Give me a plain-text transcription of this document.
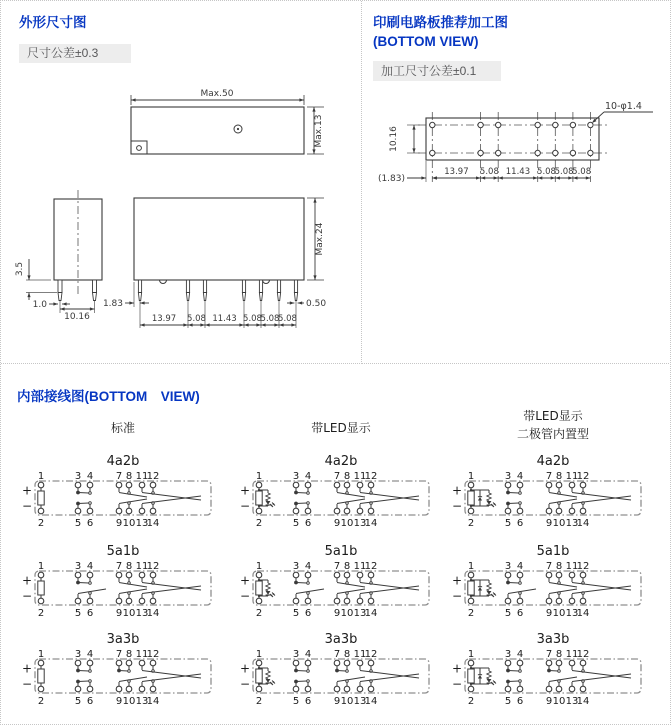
外形尺寸图
尺寸公差±0.3
Max.50
Max.13
Max.24
1.83	0.50
13.97 5.08 11.43 5.08
5.08
5.08
3.5
1.0
10.16
印刷电路板推荐加工图
(BOTTOM VIEW)
加工尺寸公差±0.1
10.16
(1.83)
13.97 5.08 11.43 5.08
5.08
5.08
10-φ1.4
内部接线图(BOTTOM　VIEW)
标准	带LED显示
带LED显示
二极管内置型
4a2b
1	3 4 7 8 11
12
2	5 6 9 10 13
14
+
−
4a2b
1	3 4 7 8 11
12
2	5 6 9 10 13
14
+
−
4a2b
1	3 4 7 8 11
12
2	5 6 9 10 13
14
+
−
5a1b
1	3 4 7 8 11
12
2	5 6 9 10 13
14
+
−
5a1b
1	3 4 7 8 11
12
2	5 6 9 10 13
14
+
−
5a1b
1	3 4 7 8 11
12
2	5 6 9 10 13
14
+
−
3a3b
1	3 4 7 8 11
12
2	5 6 9 10 13
14
+
−
3a3b
1	3 4 7 8 11
12
2	5 6 9 10 13
14
+
−
3a3b
1	3 4 7 8 11
12
2	5 6 9 10 13
14
+
−
